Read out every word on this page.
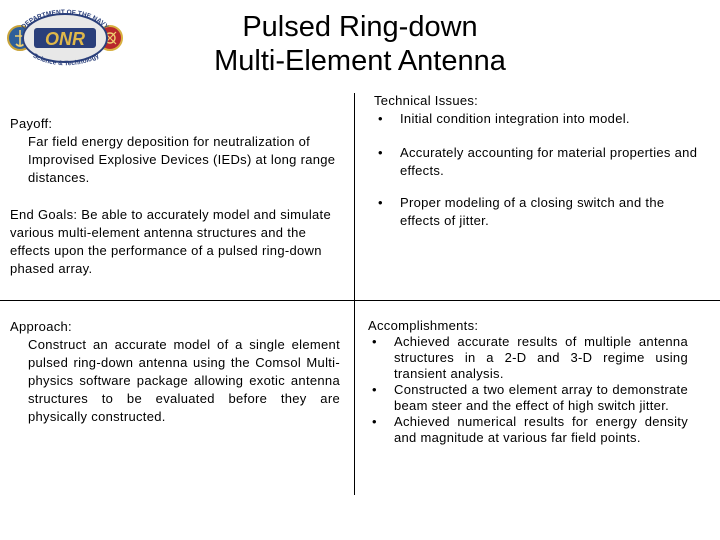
ONR
DEPARTMENT OF THE NAVY
Science & Technology
Pulsed Ring-down
Multi-Element Antenna
Payoff:
Far field energy deposition for neutralization of Improvised Explosive Devices (IEDs) at long range distances.
End Goals: Be able to accurately model and simulate various multi-element antenna structures and the effects upon the performance of a pulsed ring-down phased array.
Technical Issues:
• Initial condition integration into model.
• Accurately accounting for material properties and effects.
• Proper modeling of a closing switch and the effects of jitter.
Approach:
Construct an accurate model of a single element pulsed ring-down antenna using the Comsol Multi-physics software package allowing exotic antenna structures to be evaluated before they are physically constructed.
Accomplishments:
• Achieved accurate results of multiple antenna structures in a 2-D and 3-D regime using transient analysis.
• Constructed a two element array to demonstrate beam steer and the effect of high switch jitter.
• Achieved numerical results for energy density and magnitude at various far field points.
